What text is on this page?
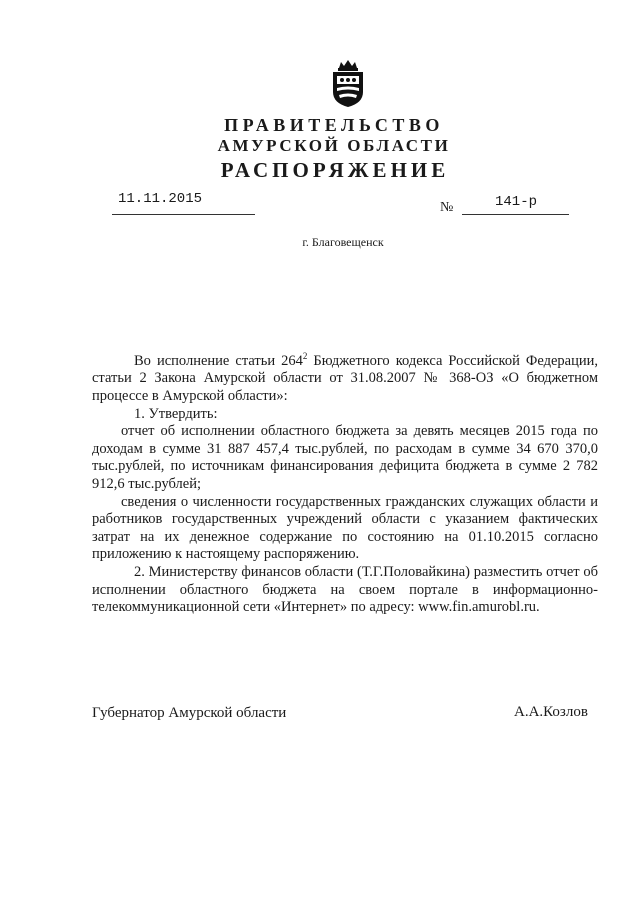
ПРАВИТЕЛЬСТВО
АМУРСКОЙ ОБЛАСТИ
РАСПОРЯЖЕНИЕ
11.11.2015
№	141-р
г. Благовещенск

Во исполнение статьи $264^2$ Бюджетного кодекса Российской Федерации, статьи 2 Закона Амурской области от 31.08.2007 № 368-ОЗ «О бюджетном процессе в Амурской области»:

1. Утвердить:

отчет об исполнении областного бюджета за девять месяцев 2015 года по доходам в сумме 31 887 457,4 тыс.рублей, по расходам в сумме 34 670 370,0 тыс.рублей, по источникам финансирования дефицита бюджета в сумме 2 782 912,6 тыс.рублей;

сведения о численности государственных гражданских служащих области и работников государственных учреждений области с указанием фактических затрат на их денежное содержание по состоянию на 01.10.2015 согласно приложению к настоящему распоряжению.

2. Министерству финансов области (Т.Г.Половайкина) разместить отчет об исполнении областного бюджета на своем портале в информационно-телекоммуникационной сети «Интернет» по адресу: www.fin.amurobl.ru.

Губернатор Амурской области	А.А.Козлов
